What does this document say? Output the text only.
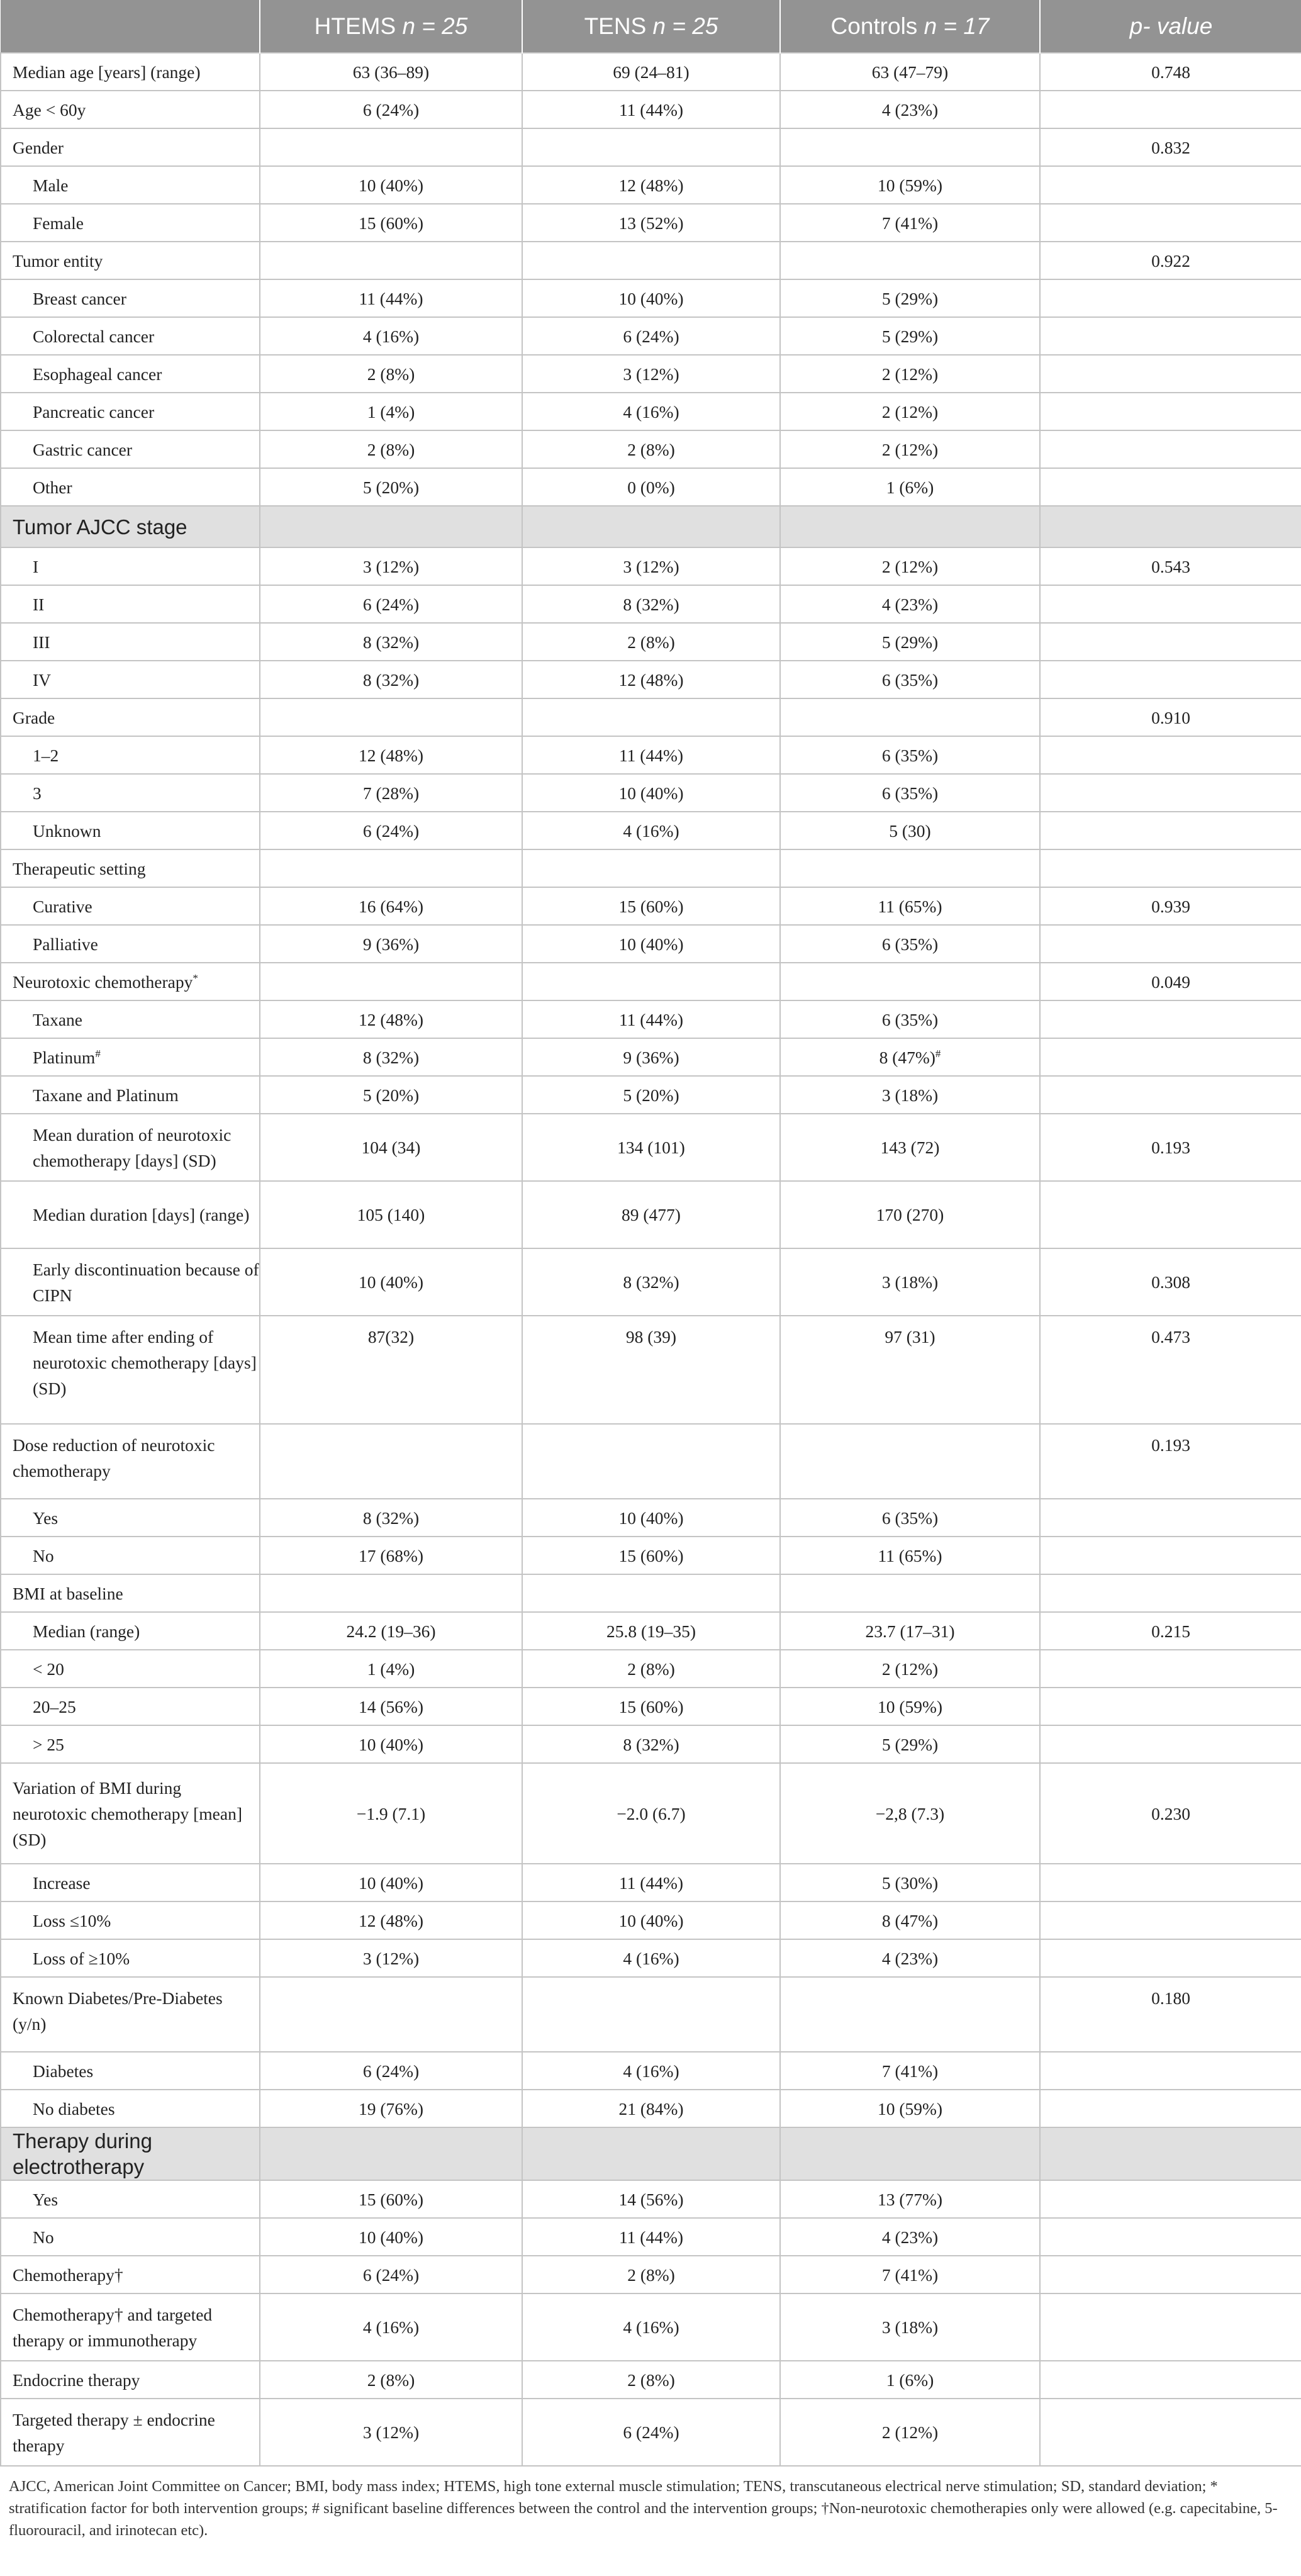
	HTEMS n = 25	TENS n = 25	Controls n = 17	p- value
Median age [years] (range)	63 (36–89)	69 (24–81)	63 (47–79)	0.748
Age < 60y	6 (24%)	11 (44%)	4 (23%)	
Gender				0.832
Male	10 (40%)	12 (48%)	10 (59%)	
Female	15 (60%)	13 (52%)	7 (41%)	
Tumor entity				0.922
Breast cancer	11 (44%)	10 (40%)	5 (29%)	
Colorectal cancer	4 (16%)	6 (24%)	5 (29%)	
Esophageal cancer	2 (8%)	3 (12%)	2 (12%)	
Pancreatic cancer	1 (4%)	4 (16%)	2 (12%)	
Gastric cancer	2 (8%)	2 (8%)	2 (12%)	
Other	5 (20%)	0 (0%)	1 (6%)	
Tumor AJCC stage				
I	3 (12%)	3 (12%)	2 (12%)	0.543
II	6 (24%)	8 (32%)	4 (23%)	
III	8 (32%)	2 (8%)	5 (29%)	
IV	8 (32%)	12 (48%)	6 (35%)	
Grade				0.910
1–2	12 (48%)	11 (44%)	6 (35%)	
3	7 (28%)	10 (40%)	6 (35%)	
Unknown	6 (24%)	4 (16%)	5 (30)	
Therapeutic setting				
Curative	16 (64%)	15 (60%)	11 (65%)	0.939
Palliative	9 (36%)	10 (40%)	6 (35%)	
Neurotoxic chemotherapy*				0.049
Taxane	12 (48%)	11 (44%)	6 (35%)	
Platinum#	8 (32%)	9 (36%)	8 (47%)#	
Taxane and Platinum	5 (20%)	5 (20%)	3 (18%)	
Mean duration of neurotoxic chemotherapy [days] (SD)	104 (34)	134 (101)	143 (72)	0.193
Median duration [days] (range)	105 (140)	89 (477)	170 (270)	
Early discontinuation because of CIPN	10 (40%)	8 (32%)	3 (18%)	0.308
Mean time after ending of neurotoxic chemotherapy [days] (SD)	87(32)	98 (39)	97 (31)	0.473
Dose reduction of neurotoxic chemotherapy				0.193
Yes	8 (32%)	10 (40%)	6 (35%)	
No	17 (68%)	15 (60%)	11 (65%)	
BMI at baseline				
Median (range)	24.2 (19–36)	25.8 (19–35)	23.7 (17–31)	0.215
< 20	1 (4%)	2 (8%)	2 (12%)	
20–25	14 (56%)	15 (60%)	10 (59%)	
> 25	10 (40%)	8 (32%)	5 (29%)	
Variation of BMI during neurotoxic chemotherapy [mean] (SD)	−1.9 (7.1)	−2.0 (6.7)	−2,8 (7.3)	0.230
Increase	10 (40%)	11 (44%)	5 (30%)	
Loss ≤10%	12 (48%)	10 (40%)	8 (47%)	
Loss of ≥10%	3 (12%)	4 (16%)	4 (23%)	
Known Diabetes/Pre-Diabetes (y/n)				0.180
Diabetes	6 (24%)	4 (16%)	7 (41%)	
No diabetes	19 (76%)	21 (84%)	10 (59%)	
Therapy during electrotherapy				
Yes	15 (60%)	14 (56%)	13 (77%)	
No	10 (40%)	11 (44%)	4 (23%)	
Chemotherapy†	6 (24%)	2 (8%)	7 (41%)	
Chemotherapy† and targeted therapy or immunotherapy	4 (16%)	4 (16%)	3 (18%)	
Endocrine therapy	2 (8%)	2 (8%)	1 (6%)	
Targeted therapy ± endocrine therapy	3 (12%)	6 (24%)	2 (12%)	
AJCC, American Joint Committee on Cancer; BMI, body mass index; HTEMS, high tone external muscle stimulation; TENS, transcutaneous electrical nerve stimulation; SD, standard deviation; * stratification factor for both intervention groups; # significant baseline differences between the control and the intervention groups; †Non-neurotoxic chemotherapies only were allowed (e.g. capecitabine, 5-fluorouracil, and irinotecan etc).
